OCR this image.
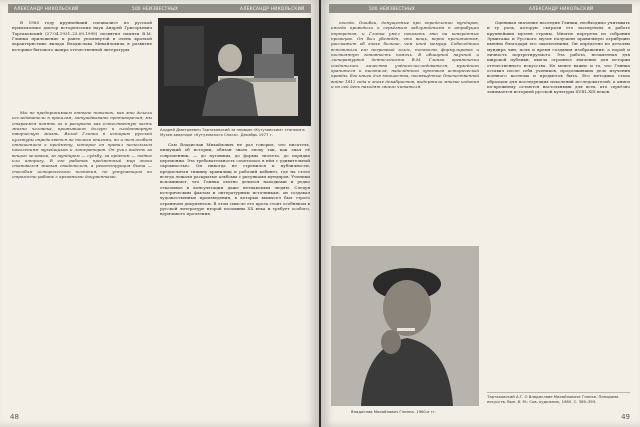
АЛЕКСАНДР НИКОЛЬСКИЙ	500 НЕИЗВЕСТНЫХ	АЛЕКСАНДР НИКОЛЬСКИЙ

В 1985 году крупнейший специалист по русской нумизматике доктор исторических наук Андрей Григорьевич Тартаковский (27.04.1931–25.09.1999) посвятил памяти В.М. Глинки приложение к ранее упомянутой в очень краткой характеристике вклада Владислава Михайловича в развитие историко-бытового жанра отечественной литературы.

Андрей Дмитриевич Тартаковский за первым «Кутузовским» станком в Музее-квартире «Кутузовского Спаса». Декабрь 1977 г.

Мы не предпринимаем отныне попыток, как это делали исследователи в прошлом, затушёвывать противоречия; мы стараемся понять их и раскрыть как естественную часть жизни человека, прожившего долгую и плодотворную творческую жизнь. Вклад Глинки в историю русской культуры определяется не только книгами, но и тем особым отношением к предмету, которое он привил нескольким поколениям музейщиков и литераторов. Он учил видеть за вещью человека, за мундиром — судьбу, за орденом — подвиг или интригу. В его работах предметный мир эпохи становился живым свидетелем, а реконструкция быта — способом исторического познания, не уступающим по строгости работе с архивными документами.

Сам Владислав Михайлович не раз говорил, что писатель, пишущий об истории, обязан знать эпоху так, как знал её современник, — до пуговицы, до формы эполета, до порядка церемонии. Эта требовательность сочеталась в нём с удивительной скромностью. Он никогда не стремился к публичности, предпочитая тишину хранилищ и рабочий кабинет, где на столе всегда лежали раскрытые альбомы с рисунками мундиров. Ученики вспоминают, что Глинка охотно делился находками и редко отказывал в консультации даже незнакомым людям. Следуя историческим фактам и литературным источникам, он создавал художественные произведения, в которых вымысел был строго ограничен документом. В этом смысле его проза стоит особняком в русской литературе второй половины XX века и требует особого, вдумчивого прочтения.

48
500 НЕИЗВЕСТНЫХ	АЛЕКСАНДР НИКОЛЬСКИЙ

поезда. Ошибки, допущенные при определении мундиров, иногда приводили к серьёзным заблуждениям в атрибуции портретов, и Глинка умел показать это на конкретных примерах. Он был убеждён, что вещь, верно прочитанная, расскажет об эпохе больше, чем иной мемуар. Собеседники вспоминали его негромкий голос, точность формулировок и постоянную готовность помочь. В обширной научной и литературной деятельности В.М. Глинки органически соединились качества учёного-исследователя, музейного хранителя и писателя, наделённого чувством исторической правды. Его книги для юношества, посвящённые Отечественной войне 1812 года и эпохе декабристов, выдержали многие издания и по сей день находят своего читателя.

Владислав Михайлович Глинка. 1960-е гг.

Оценивая значение наследия Глинки, необходимо учитывать и ту роль, которую сыграли его экспертизы в работе крупнейших музеев страны. Многие портреты из собрания Эрмитажа и Русского музея получили правильную атрибуцию именно благодаря его заключениям. Он определял по деталям мундира чин, полк и время создания изображения, а порой и личность портретируемого. Эта работа, незаметная для широкой публики, имела огромное значение для истории отечественного искусства. Не менее важно и то, что Глинка оставил после себя учеников, продолживших дело изучения военного костюма и предметов быта. Его методика стала образцом для последующих поколений исследователей, а книги по-прежнему остаются настольными для всех, кто серьёзно занимается историей русской культуры XVIII–XIX веков.

Тартаковский А.Г. О Владиславе Михайловиче Глинке. Панорама искусств. Вып. 8. М.: Сов. художник, 1985. С. 389–393.
49
